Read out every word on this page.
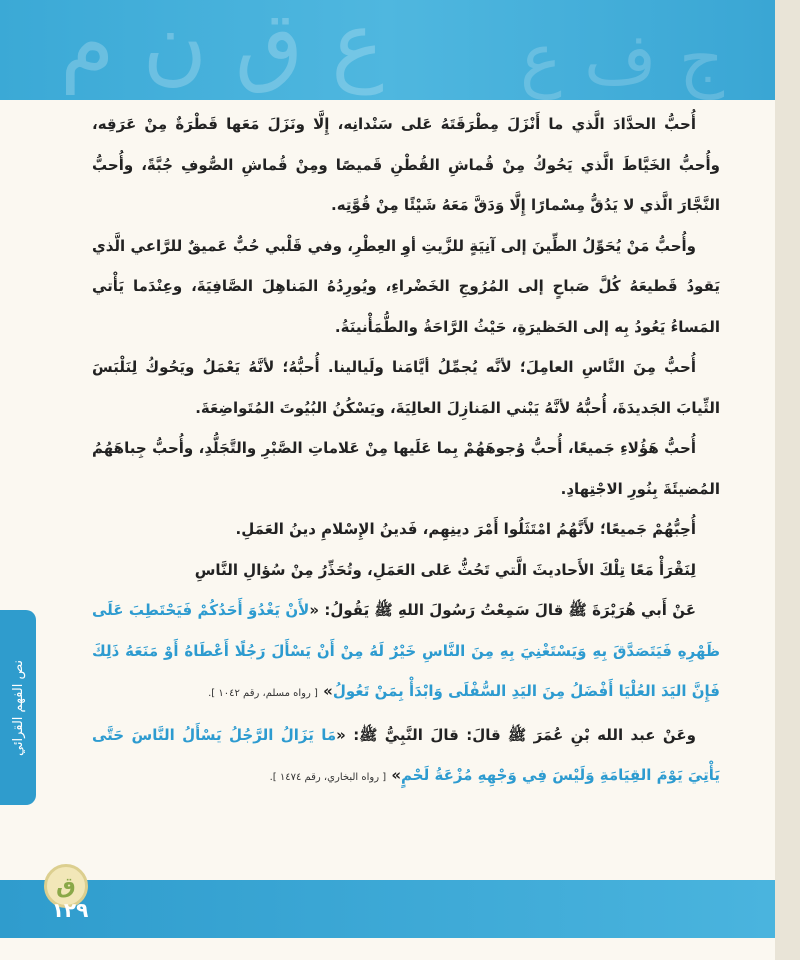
ع ق ن م ج ف ع

أُحبُّ الحدَّادَ الَّذي ما أَنْزَلَ مِطْرَقَتَهُ عَلى سَنْدانِه، إِلَّا ونَزَلَ مَعَها قَطْرَةٌ مِنْ عَرَقِه، وأُحبُّ الخَيَّاطَ الَّذي يَحُوكُ مِنْ قُماشِ القُطْنِ قَميصًا ومِنْ قُماشِ الصُّوفِ جُبَّةً، وأُحبُّ النَّجَّارَ الَّذي لا يَدُقُّ مِسْمارًا إِلَّا وَدَقَّ مَعَهُ شَيْئًا مِنْ قُوَّتِه.

وأُحبُّ مَنْ يُحَوِّلُ الطِّينَ إلى آنِيَةٍ للزَّيتِ أوِ العِطْرِ، وفي قَلْبي حُبٌّ عَميقٌ للرَّاعي الَّذي يَقودُ قَطيعَهُ كُلَّ صَباحٍ إلى المُرُوجِ الخَضْراءِ، ويُورِدُهُ المَناهِلَ الصَّافِيَةَ، وعِنْدَما يَأْتي المَساءُ يَعُودُ بِه إلى الحَظيرَةِ، حَيْثُ الرَّاحَةُ والطُّمَأْنينَةُ.

أُحبُّ مِنَ النَّاسِ العامِلَ؛ لأنَّه يُجمِّلُ أيَّامَنا ولَيالينا. أُحبُّهُ؛ لأنَّهُ يَعْمَلُ ويَحُوكُ لِنَلْبَسَ الثِّيابَ الجَديدَةَ، أُحبُّهُ لأنَّهُ يَبْني المَنازِلَ العالِيَةَ، ويَسْكُنُ البُيُوتَ المُتَواضِعَةَ.

أُحبُّ هَؤُلاءِ جَميعًا، أُحبُّ وُجوهَهُمْ بِما عَلَيها مِنْ عَلاماتِ الصَّبْرِ والتَّجَلُّدِ، وأُحبُّ جِباهَهُمُ المُضيئَةَ بِنُورِ الاجْتِهادِ.

أُحِبُّهُمْ جَميعًا؛ لأَنَّهُمُ امْتَثَلُوا أَمْرَ دينِهِم، فَدينُ الإِسْلامِ دينُ العَمَلِ.

لِنَقْرَأْ مَعًا تِلْكَ الأَحاديثَ الَّتي تَحُثُّ عَلى العَمَلِ، وتُحَذِّرُ مِنْ سُؤالِ النَّاسِ

عَنْ أَبي هُرَيْرَةَ ﷺ قالَ سَمِعْتُ رَسُولَ اللهِ ﷺ يَقُولُ: «لأَنْ يَغْدُوَ أَحَدُكُمْ فَيَحْتَطِبَ عَلَى ظَهْرِهِ فَيَتَصَدَّقَ بِهِ وَيَسْتَغْنِيَ بِهِ مِنَ النَّاسِ خَيْرٌ لَهُ مِنْ أَنْ يَسْأَلَ رَجُلًا أَعْطَاهُ أَوْ مَنَعَهُ ذَلِكَ فَإِنَّ اليَدَ العُلْيَا أَفْضَلُ مِنَ اليَدِ السُّفْلَى وَابْدَأْ بِمَنْ تَعُولُ» [ رواه مسلم، رقم ١٠٤٢ ].

وعَنْ عبد الله بْنِ عُمَرَ ﷺ قالَ: قالَ النَّبِيُّ ﷺ: «مَا يَزَالُ الرَّجُلُ يَسْأَلُ النَّاسَ حَتَّى يَأْتِيَ يَوْمَ القِيَامَةِ وَلَيْسَ فِي وَجْهِهِ مُزْعَةُ لَحْمٍ» [ رواه البخاري، رقم ١٤٧٤ ].

نص الفهم القرائي
ق
١٢٩
